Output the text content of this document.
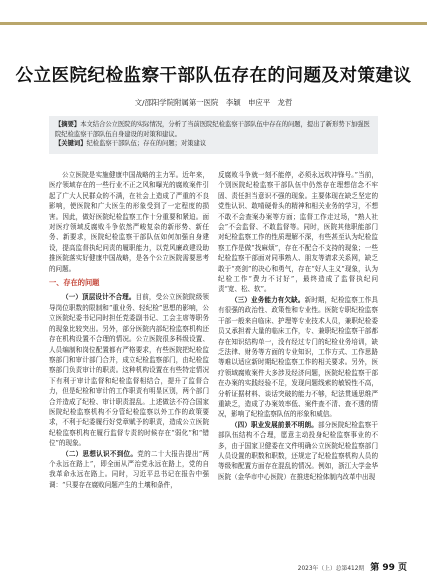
公立医院纪检监察干部队伍存在的问题及对策建议
文/邵阳学院附属第一医院　李颖　申应平　龙哲
【摘要】本文结合公立医院的实际情况，分析了当前医院纪检监察干部队伍中存在的问题，提出了新形势下加强医院纪检监察干部队伍自身建设的对策和建议。
【关键词】纪检监察干部队伍；存在的问题；对策建议

公立医院是实施健康中国战略的主力军。近年来，医疗领域存在的一些行业不正之风和曝光的腐败案件引起了广大人民群众的不满，在社会上造成了严重的不良影响，使医院和广大医生的形象受到了一定程度的损害。因此，做好医院纪检监察工作十分重要和紧迫。面对医疗领域反腐败斗争依然严峻复杂的新形势、新任务、新要求，医院纪检监察干部队伍如何加强自身建设，提高监督执纪问责的履职能力，以党风廉政建设助推医院落实好健康中国战略，是各个公立医院需要思考的问题。

一、存在的问题

（一）顶层设计不合理。目前，受公立医院院级领导岗位职数的限制和“重业务、轻纪检”思想的影响，公立医院纪委书记同时担任党委副书记、工会主席等职务的现象比较突出。另外，部分医院内部纪检监察机构还存在机构设置不合理的情况。公立医院很多科级设置、人员编制和岗位配置都有严格要求，有些医院把纪检监察部门和审计部门合并，成立纪检监察部门，由纪检监察部门负责审计的职责。这种机构设置在有些特定情况下有利于审计监督和纪检监督相结合，提升了监督合力，但是纪检和审计的工作职责有明显区别，两个部门合并造成了纪检、审计职责混乱。上述做法不符合国家医院纪检监察机构不分管纪检监察以外工作的政策要求，不利于纪委履行好党章赋予的职责，造成公立医院纪检监察机构在履行监督专责的时候存在“弱化”和“错位”的现象。

（二）思想认识不到位。党的二十大报告提出“两个永远在路上”，即全面从严治党永远在路上，党的自我革命永远在路上。同时，习近平总书记在报告中强调：“只要存在腐败问题产生的土壤和条件，

反腐败斗争就一刻不能停，必须永远吹冲锋号。”当前，个别医院纪检监察干部队伍中仍然存在理想信念不牢固、责任担当意识不强的现象。主要体现在缺乏坚定的党性认识、敢啃硬骨头的精神和相关业务的学习，不想不敢不会查案办案等方面；监督工作走过场，“熟人社会”不会监督、不敢监督等。同时，医院其他职能部门对纪检监察工作的性质理解不深，有些甚至认为纪检监察工作是做“找麻烦”，存在不配合不支持的现象；一些纪检监察干部面对同事熟人、朋友等请求关系网，缺乏敢于“亮剑”的决心和勇气，存在“好人主义”现象，认为纪检工作“费力不讨好”，最终造成了监督执纪问责“宽、松、软”。

（三）业务能力有欠缺。新时期，纪检监察工作具有很强的政治性、政策性和专业性。医院专职纪检监察干部一般来自临床、护理等专业技术人员，兼职纪检委员又承担着大量的临床工作，专、兼职纪检监察干部都存在知识结构单一，没有经过专门的纪检业务培训，缺乏法律、财务等方面的专业知识，工作方式、工作思路等难以适应新时期纪检监察工作的相关要求。另外，医疗领域腐败案件大多涉及经济问题，医院纪检监察干部在办案的实践经验不足，发现问题线索的敏锐性不高，分析证据材料、谈话突破的能力不够，纪法贯通思维严重缺乏，造成了办案效率低、案件查不清、查不透的情况，影响了纪检监察队伍的形象和威信。

（四）职业发展前景不明朗。部分医院纪检监察干部队伍结构不合理，愿意主动投身纪检监察事业的不多，由于国家卫健委在文件明确公立医院纪检监察部门人员设置的职数和职数，还规定了纪检监察机构人员的等级和配置方面存在混乱的情况。例如，浙江大学金华医院（金华市中心医院）在推进纪检体制内改革中出现

2023年（上）总第412期 第 99 页
